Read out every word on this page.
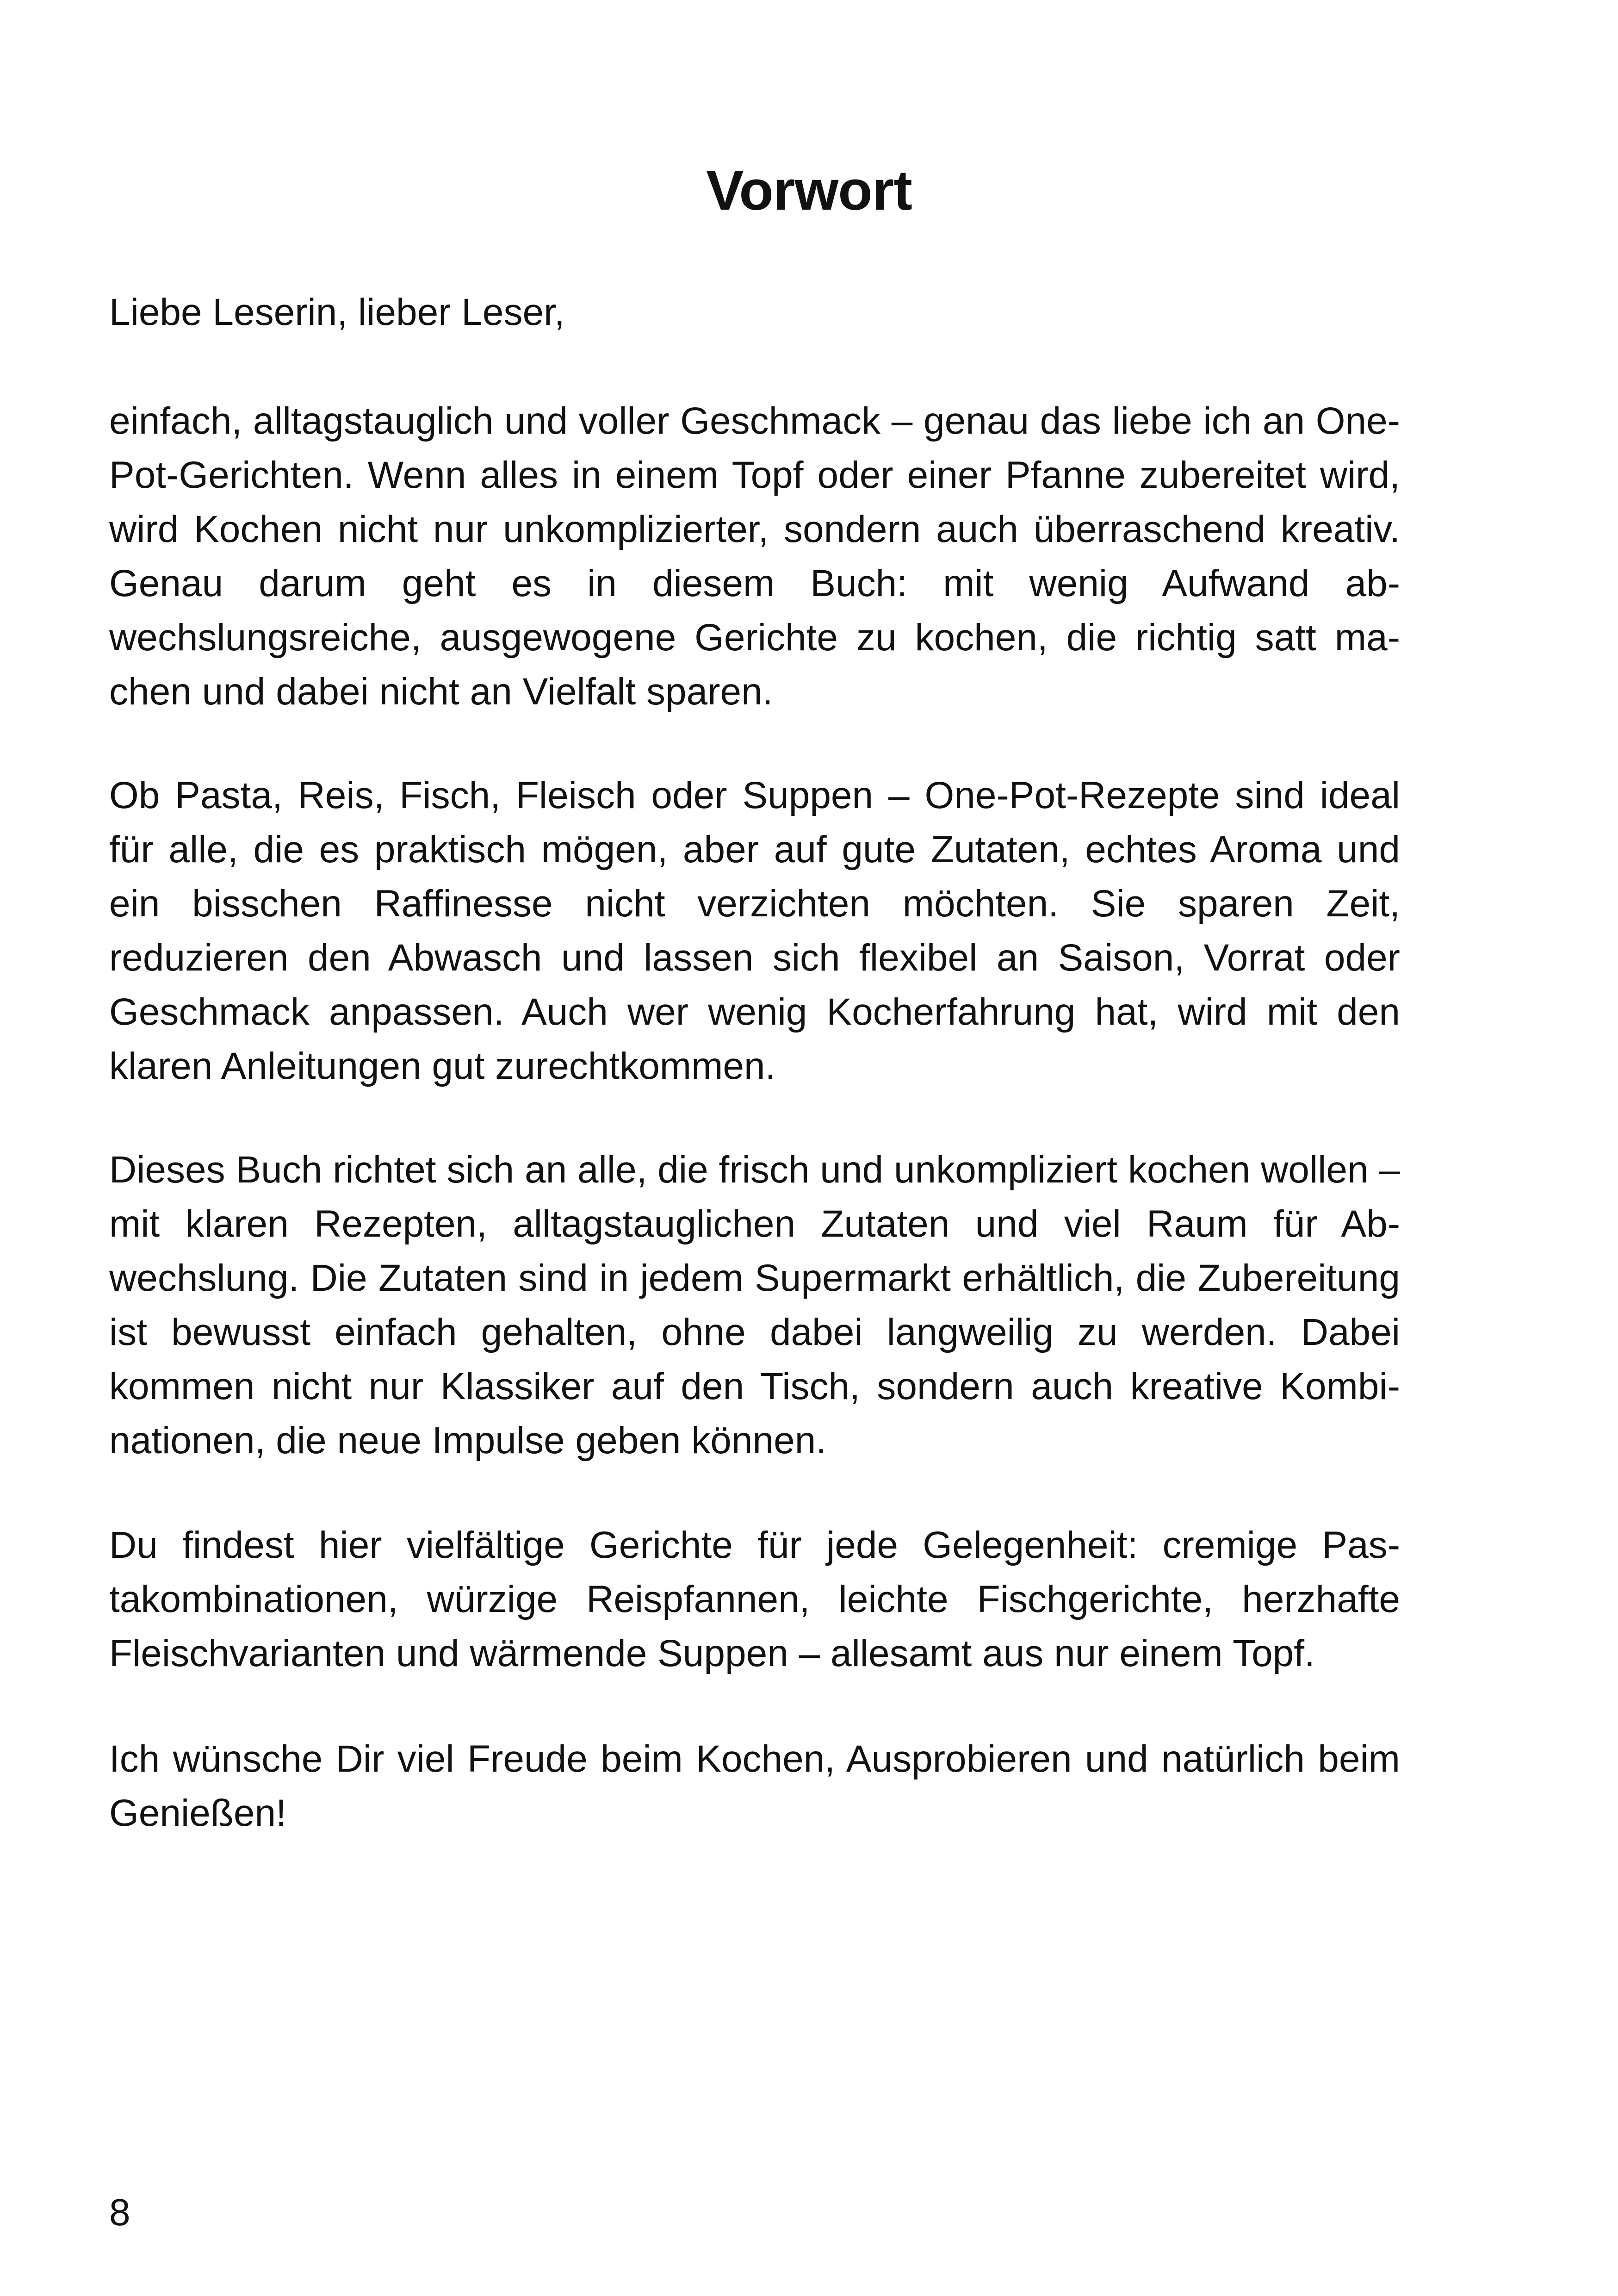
Vorwort

Liebe Leserin, lieber Leser,

einfach, alltagstauglich und voller Geschmack – genau das liebe ich an One-Pot-Gerichten. Wenn alles in einem Topf oder einer Pfanne zubereitet wird, wird Kochen nicht nur unkomplizierter, sondern auch überraschend kreativ. Genau darum geht es in diesem Buch: mit wenig Aufwand abwechslungsreiche, ausgewogene Gerichte zu kochen, die richtig satt machen und dabei nicht an Vielfalt sparen.

Ob Pasta, Reis, Fisch, Fleisch oder Suppen – One-Pot-Rezepte sind ideal für alle, die es praktisch mögen, aber auf gute Zutaten, echtes Aroma und ein bisschen Raffinesse nicht verzichten möchten. Sie sparen Zeit, reduzieren den Abwasch und lassen sich flexibel an Saison, Vorrat oder Geschmack anpassen. Auch wer wenig Kocherfahrung hat, wird mit den klaren Anleitungen gut zurechtkommen.

Dieses Buch richtet sich an alle, die frisch und unkompliziert kochen wollen – mit klaren Rezepten, alltagstauglichen Zutaten und viel Raum für Abwechslung. Die Zutaten sind in jedem Supermarkt erhältlich, die Zubereitung ist bewusst einfach gehalten, ohne dabei langweilig zu werden. Dabei kommen nicht nur Klassiker auf den Tisch, sondern auch kreative Kombinationen, die neue Impulse geben können.

Du findest hier vielfältige Gerichte für jede Gelegenheit: cremige Pastakombinationen, würzige Reispfannen, leichte Fischgerichte, herzhafte Fleischvarianten und wärmende Suppen – allesamt aus nur einem Topf.

Ich wünsche Dir viel Freude beim Kochen, Ausprobieren und natürlich beim Genießen!

8
